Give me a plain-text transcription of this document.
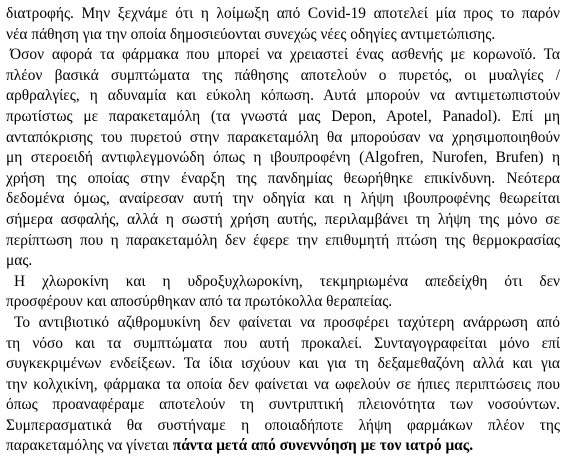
διατροφής. Μην ξεχνάμε ότι η λοίμωξη από Covid-19 αποτελεί μία προς το παρόν
νέα πάθηση για την οποία δημοσιεύονται συνεχώς νέες οδηγίες αντιμετώπισης.
Όσον αφορά τα φάρμακα που μπορεί να χρειαστεί ένας ασθενής με κορωνοϊό. Τα
πλέον βασικά συμπτώματα της πάθησης αποτελούν ο πυρετός, οι μυαλγίες /
αρθραλγίες, η αδυναμία και εύκολη κόπωση. Αυτά μπορούν να αντιμετωπιστούν
πρωτίστως με παρακεταμόλη (τα γνωστά μας Depon, Apotel, Panadol). Επί μη
ανταπόκρισης του πυρετού στην παρακεταμόλη θα μπορούσαν να χρησιμοποιηθούν
μη στεροειδή αντιφλεγμονώδη όπως η ιβουπροφένη (Algofren, Nurofen, Brufen) η
χρήση της οποίας στην έναρξη της πανδημίας θεωρήθηκε επικίνδυνη. Νεότερα
δεδομένα όμως, αναίρεσαν αυτή την οδηγία και η λήψη ιβουπροφένης θεωρείται
σήμερα ασφαλής, αλλά η σωστή χρήση αυτής, περιλαμβάνει τη λήψη της μόνο σε
περίπτωση που η παρακεταμόλη δεν έφερε την επιθυμητή πτώση της θερμοκρασίας
μας.
Η χλωροκίνη και η υδροξυχλωροκίνη, τεκμηριωμένα απεδείχθη ότι δεν
προσφέρουν και αποσύρθηκαν από τα πρωτόκολλα θεραπείας.
Το αντιβιοτικό αζιθρομυκίνη δεν φαίνεται να προσφέρει ταχύτερη ανάρρωση από
τη νόσο και τα συμπτώματα που αυτή προκαλεί. Συνταγογραφείται μόνο επί
συγκεκριμένων ενδείξεων. Τα ίδια ισχύουν και για τη δεξαμεθαζόνη αλλά και για
την κολχικίνη, φάρμακα τα οποία δεν φαίνεται να ωφελούν σε ήπιες περιπτώσεις που
όπως προαναφέραμε αποτελούν τη συντριπτική πλειονότητα των νοσούντων.
Συμπερασματικά θα συστήναμε η οποιαδήποτε λήψη φαρμάκων πλέον της
παρακεταμόλης να γίνεται πάντα μετά από συνεννόηση με τον ιατρό μας.
